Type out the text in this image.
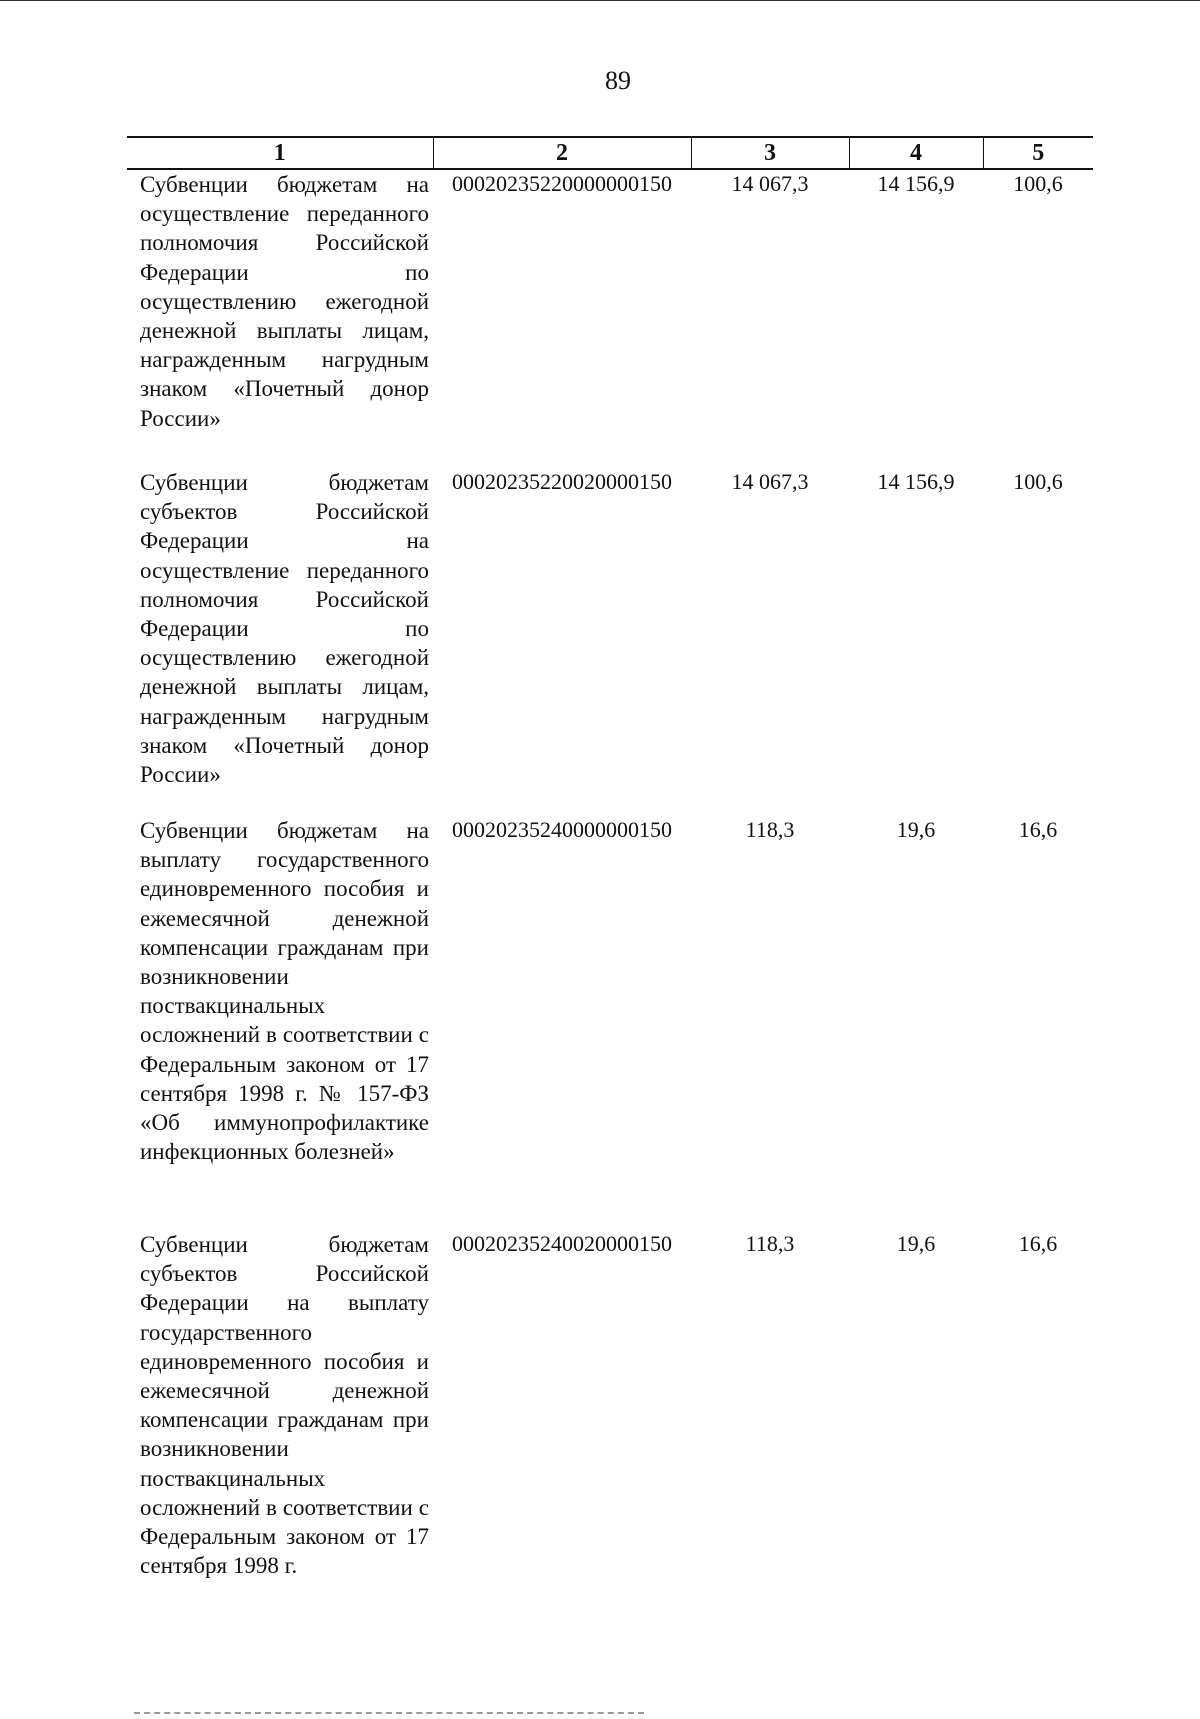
89
1	2	3	4	5
Субвенции бюджетам на осуществление переданного полномочия Российской Федерации по осуществлению ежегодной денежной выплаты лицам, награжденным нагрудным знаком «Почетный донор России»	00020235220000000150	14 067,3	14 156,9	100,6
Субвенции бюджетам субъектов Российской Федерации на осуществление переданного полномочия Российской Федерации по осуществлению ежегодной денежной выплаты лицам, награжденным нагрудным знаком «Почетный донор России»	00020235220020000150	14 067,3	14 156,9	100,6
Субвенции бюджетам на выплату государственного единовременного пособия и ежемесячной денежной компенсации гражданам при возникновении поствакцинальных осложнений в соответствии с Федеральным законом от 17 сентября 1998 г. № 157-ФЗ «Об иммунопрофилактике инфекционных болезней»	00020235240000000150	118,3	19,6	16,6
Субвенции бюджетам субъектов Российской Федерации на выплату государственного единовременного пособия и ежемесячной денежной компенсации гражданам при возникновении поствакцинальных осложнений в соответствии с Федеральным законом от 17 сентября 1998 г.	00020235240020000150	118,3	19,6	16,6
